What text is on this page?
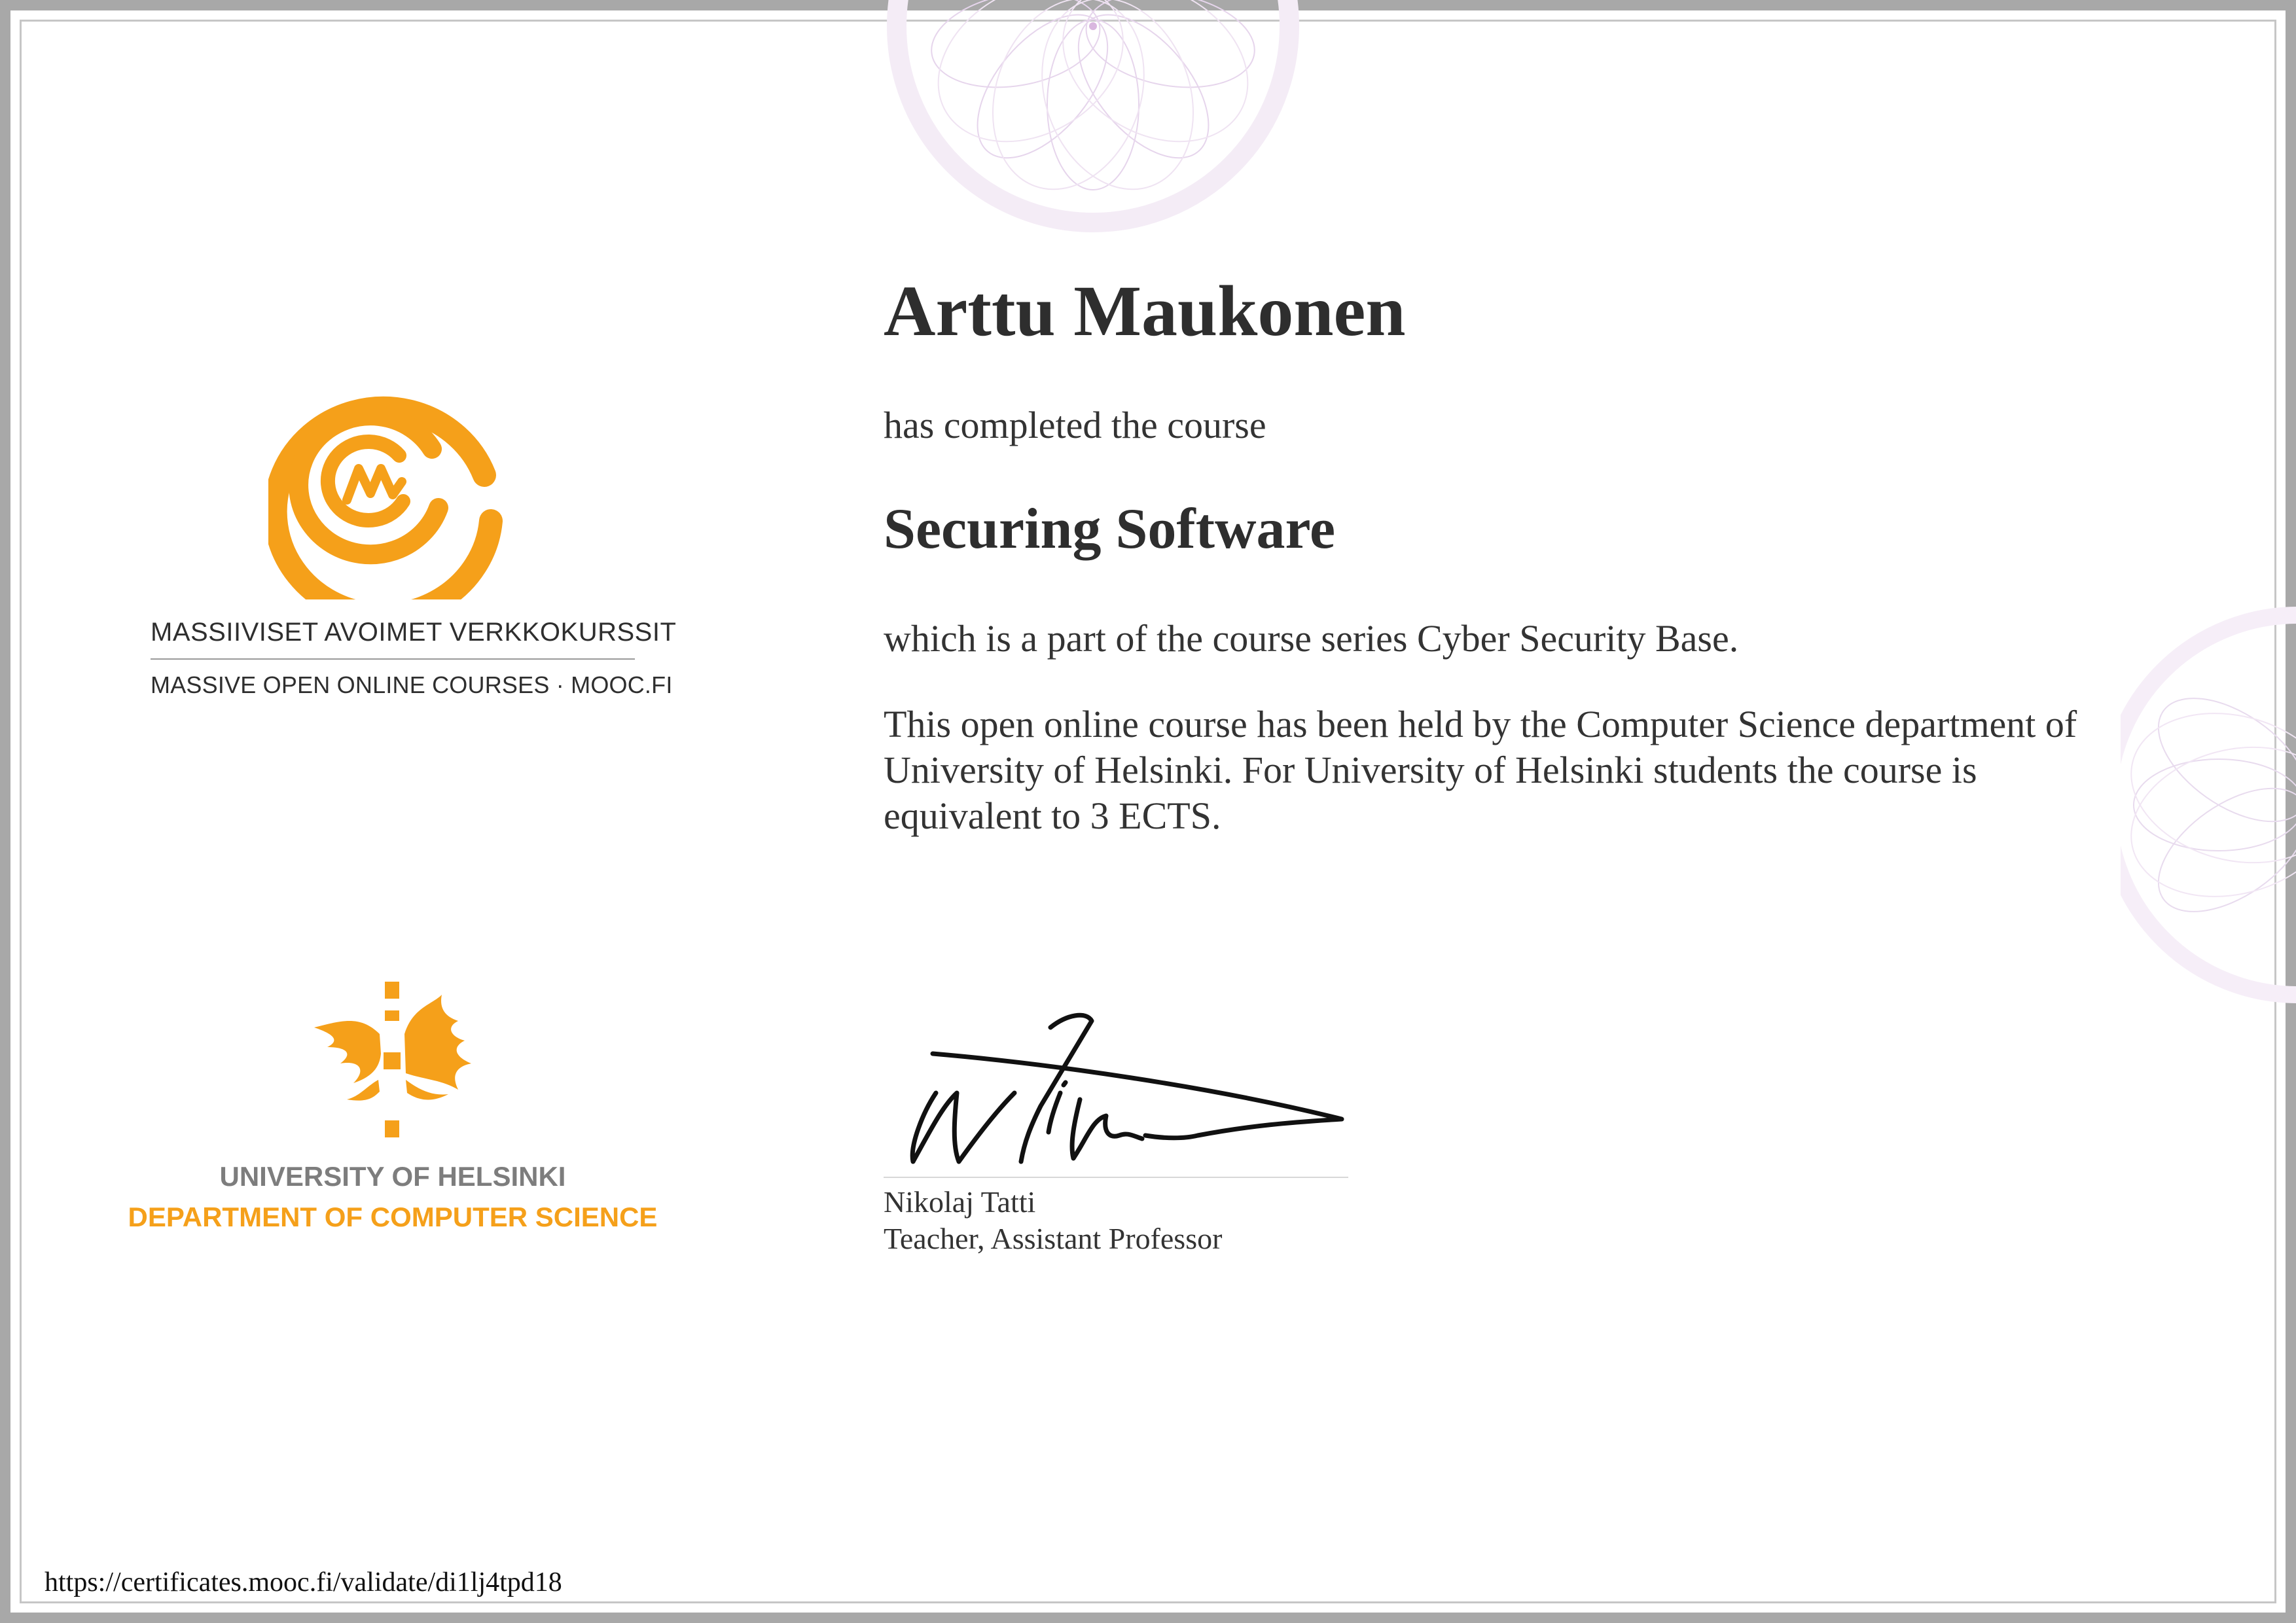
MASSIIVISET AVOIMET VERKKOKURSSIT
MASSIVE OPEN ONLINE COURSES · MOOC.FI
UNIVERSITY OF HELSINKI
DEPARTMENT OF COMPUTER SCIENCE
Arttu Maukonen
has completed the course
Securing Software
which is a part of the course series Cyber Security Base.
This open online course has been held by the Computer Science department of University of Helsinki. For University of Helsinki students the course is equivalent to 3 ECTS.
Nikolaj Tatti
Teacher, Assistant Professor
https://certificates.mooc.fi/validate/di1lj4tpd18
